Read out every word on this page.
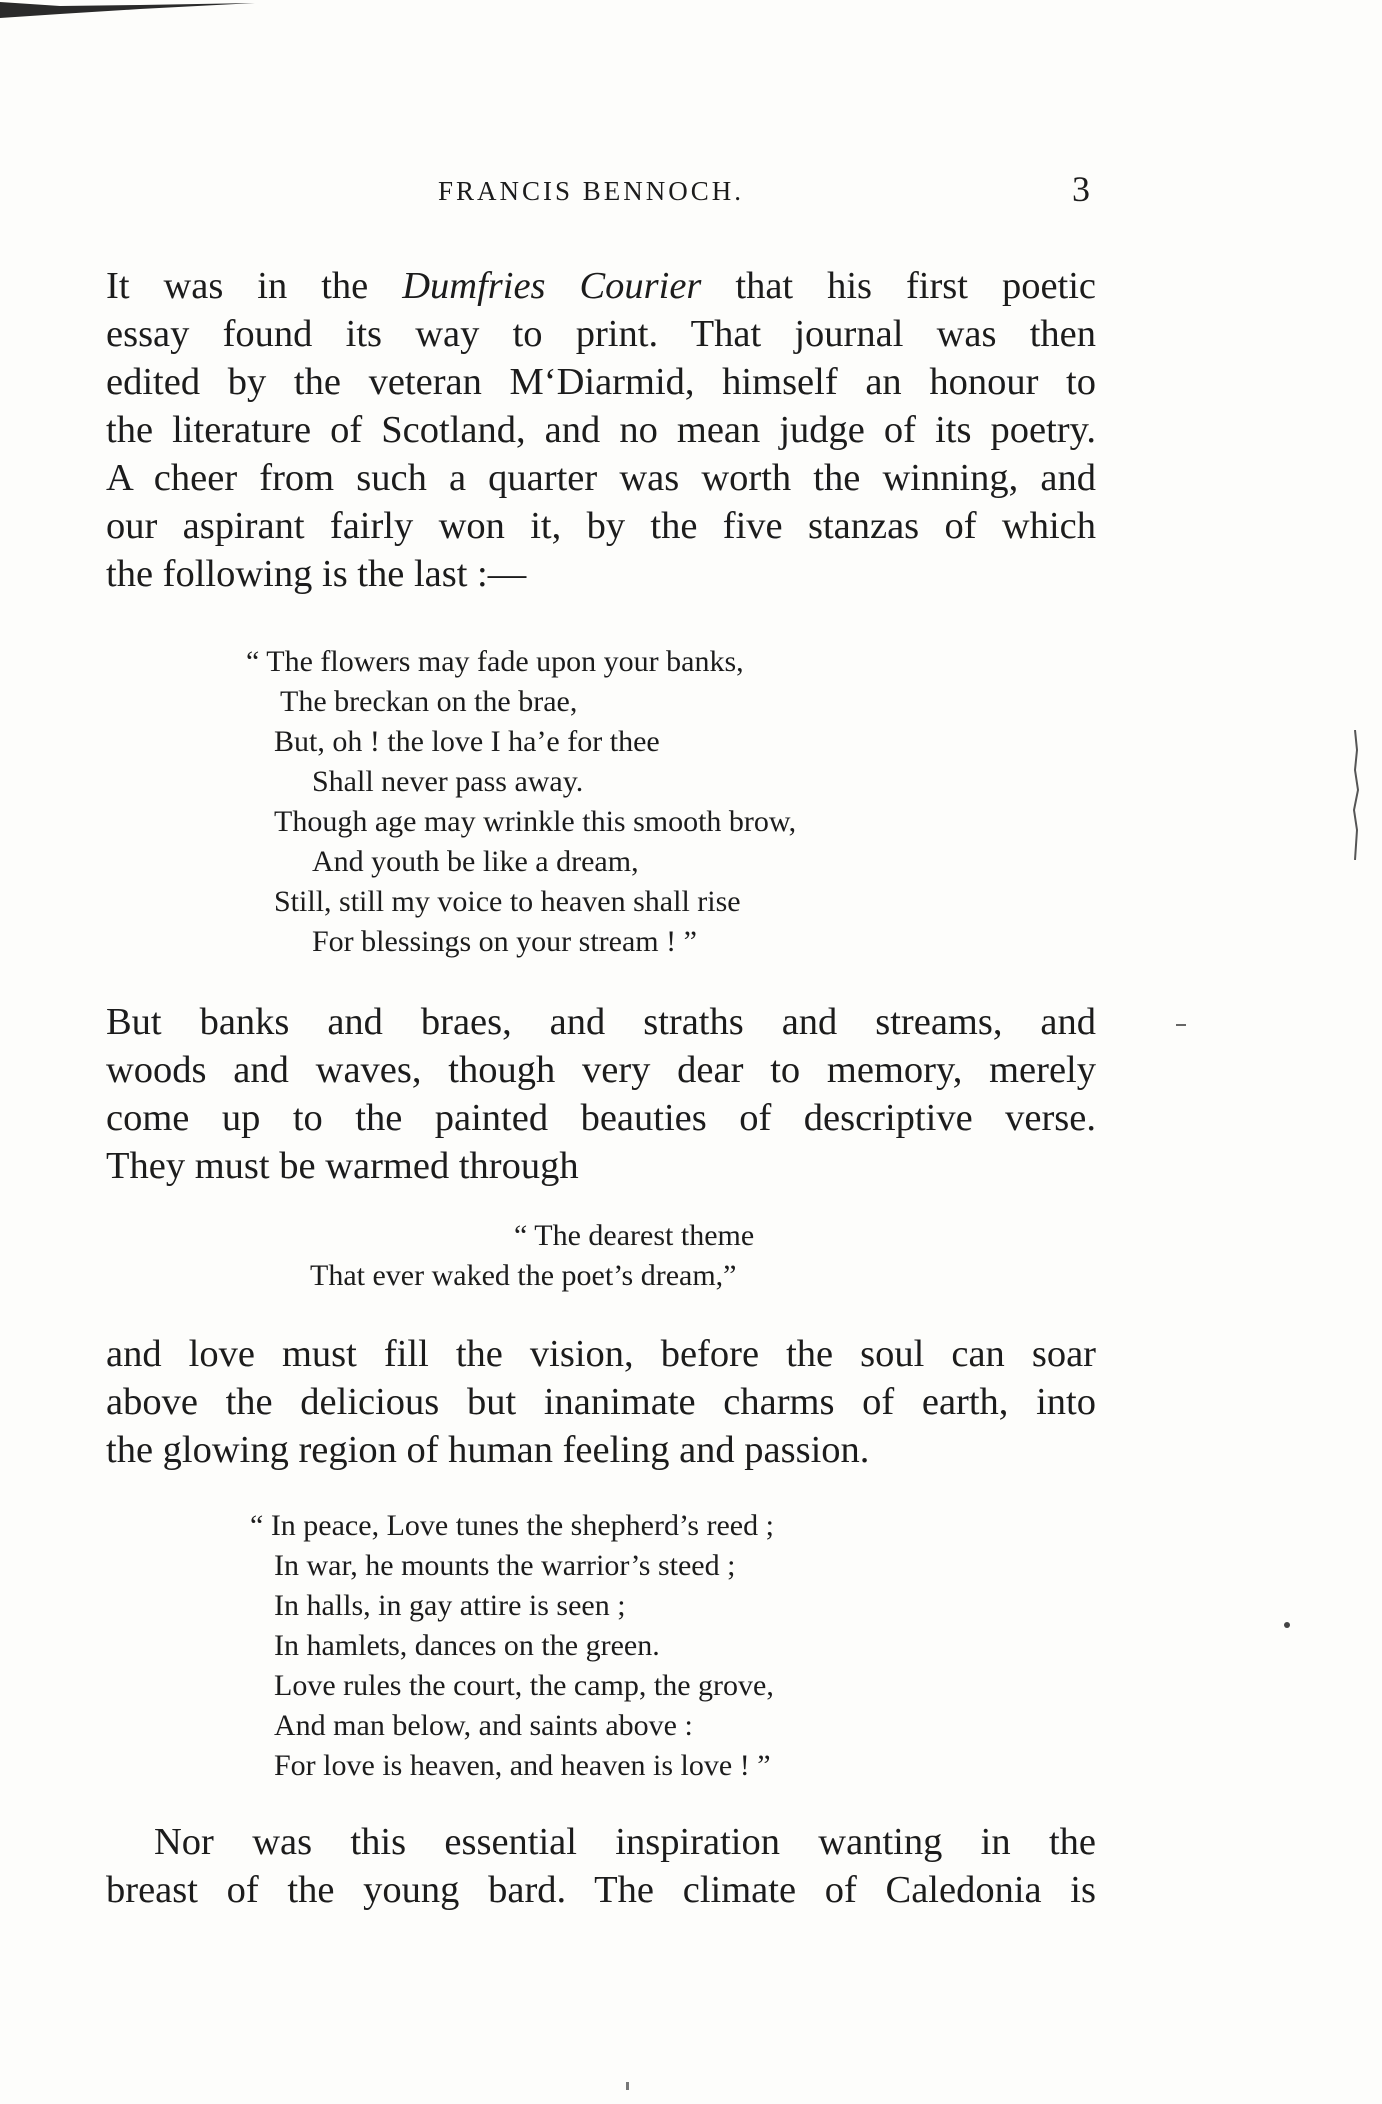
FRANCIS BENNOCH.	3
It was in the Dumfries Courier that his first poetic
essay found its way to print. That journal was then
edited by the veteran M‘Diarmid, himself an honour to
the literature of Scotland, and no mean judge of its poetry.
A cheer from such a quarter was worth the winning, and
our aspirant fairly won it, by the five stanzas of which
the following is the last :—
“ The flowers may fade upon your banks,
The breckan on the brae,
But, oh ! the love I ha’e for thee
Shall never pass away.
Though age may wrinkle this smooth brow,
And youth be like a dream,
Still, still my voice to heaven shall rise
For blessings on your stream ! ”
But banks and braes, and straths and streams, and
woods and waves, though very dear to memory, merely
come up to the painted beauties of descriptive verse.
They must be warmed through
“ The dearest theme
That ever waked the poet’s dream,”
and love must fill the vision, before the soul can soar
above the delicious but inanimate charms of earth, into
the glowing region of human feeling and passion.
“ In peace, Love tunes the shepherd’s reed ;
In war, he mounts the warrior’s steed ;
In halls, in gay attire is seen ;
In hamlets, dances on the green.
Love rules the court, the camp, the grove,
And man below, and saints above :
For love is heaven, and heaven is love ! ”
Nor was this essential inspiration wanting in the
breast of the young bard. The climate of Caledonia is
